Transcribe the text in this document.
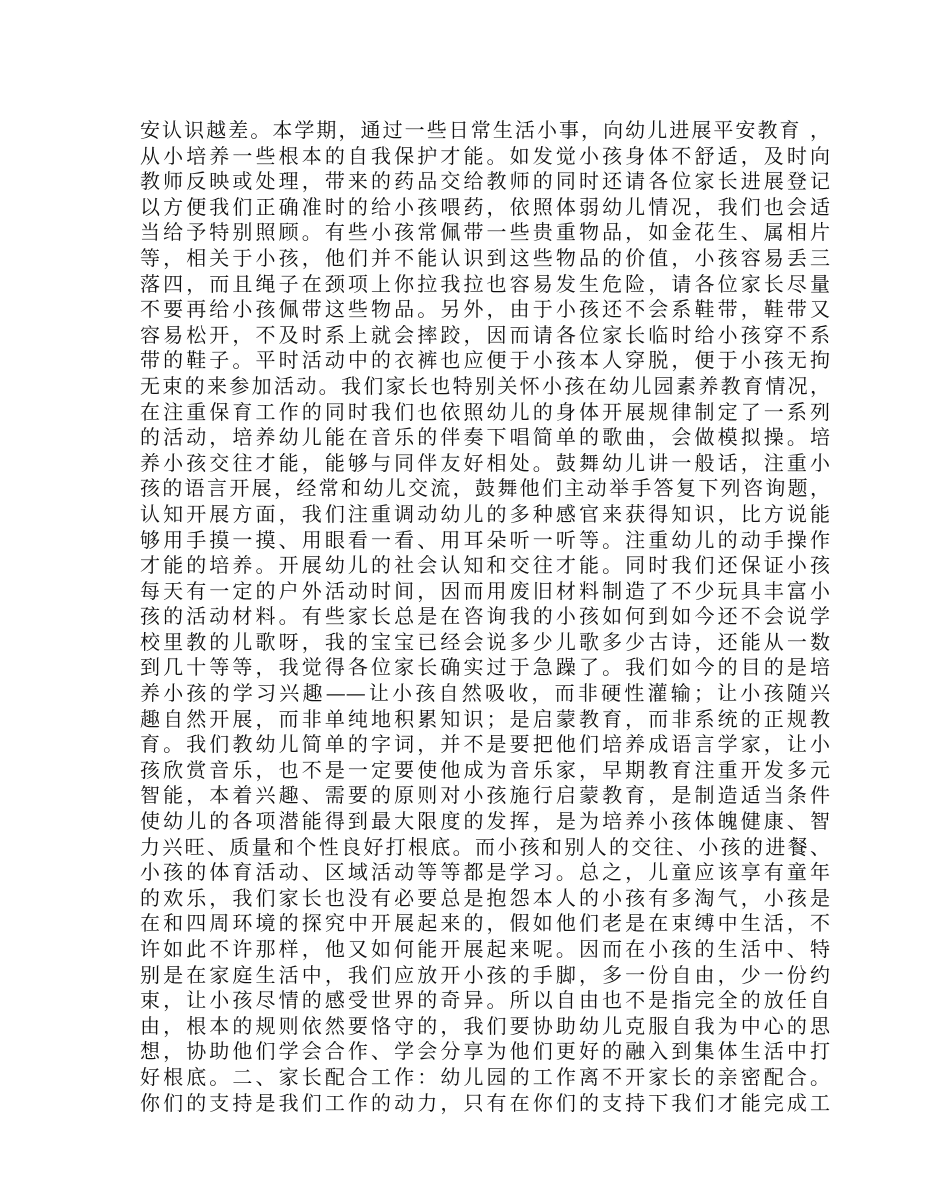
安认识越差。本学期，通过一些日常生活小事，向幼儿进展平安教育 ，
从小培养一些根本的自我保护才能。如发觉小孩身体不舒适，及时向
教师反映或处理，带来的药品交给教师的同时还请各位家长进展登记
以方便我们正确准时的给小孩喂药，依照体弱幼儿情况，我们也会适
当给予特别照顾。有些小孩常佩带一些贵重物品，如金花生、属相片
等，相关于小孩，他们并不能认识到这些物品的价值，小孩容易丢三
落四，而且绳子在颈项上你拉我拉也容易发生危险，请各位家长尽量
不要再给小孩佩带这些物品。另外，由于小孩还不会系鞋带，鞋带又
容易松开，不及时系上就会摔跤，因而请各位家长临时给小孩穿不系
带的鞋子。平时活动中的衣裤也应便于小孩本人穿脱，便于小孩无拘
无束的来参加活动。我们家长也特别关怀小孩在幼儿园素养教育情况，
在注重保育工作的同时我们也依照幼儿的身体开展规律制定了一系列
的活动，培养幼儿能在音乐的伴奏下唱简单的歌曲，会做模拟操。培
养小孩交往才能，能够与同伴友好相处。鼓舞幼儿讲一般话，注重小
孩的语言开展，经常和幼儿交流，鼓舞他们主动举手答复下列咨询题，
认知开展方面，我们注重调动幼儿的多种感官来获得知识，比方说能
够用手摸一摸、用眼看一看、用耳朵听一听等。注重幼儿的动手操作
才能的培养。开展幼儿的社会认知和交往才能。同时我们还保证小孩
每天有一定的户外活动时间，因而用废旧材料制造了不少玩具丰富小
孩的活动材料。有些家长总是在咨询我的小孩如何到如今还不会说学
校里教的儿歌呀，我的宝宝已经会说多少儿歌多少古诗，还能从一数
到几十等等，我觉得各位家长确实过于急躁了。我们如今的目的是培
养小孩的学习兴趣——让小孩自然吸收，而非硬性灌输；让小孩随兴
趣自然开展，而非单纯地积累知识；是启蒙教育，而非系统的正规教
育。我们教幼儿简单的字词，并不是要把他们培养成语言学家，让小
孩欣赏音乐，也不是一定要使他成为音乐家，早期教育注重开发多元
智能，本着兴趣、需要的原则对小孩施行启蒙教育，是制造适当条件
使幼儿的各项潜能得到最大限度的发挥，是为培养小孩体魄健康、智
力兴旺、质量和个性良好打根底。而小孩和别人的交往、小孩的进餐、
小孩的体育活动、区域活动等等都是学习。总之，儿童应该享有童年
的欢乐，我们家长也没有必要总是抱怨本人的小孩有多淘气，小孩是
在和四周环境的探究中开展起来的，假如他们老是在束缚中生活，不
许如此不许那样，他又如何能开展起来呢。因而在小孩的生活中、特
别是在家庭生活中，我们应放开小孩的手脚，多一份自由，少一份约
束，让小孩尽情的感受世界的奇异。所以自由也不是指完全的放任自
由，根本的规则依然要恪守的，我们要协助幼儿克服自我为中心的思
想，协助他们学会合作、学会分享为他们更好的融入到集体生活中打
好根底。二、家长配合工作：幼儿园的工作离不开家长的亲密配合。
你们的支持是我们工作的动力，只有在你们的支持下我们才能完成工
